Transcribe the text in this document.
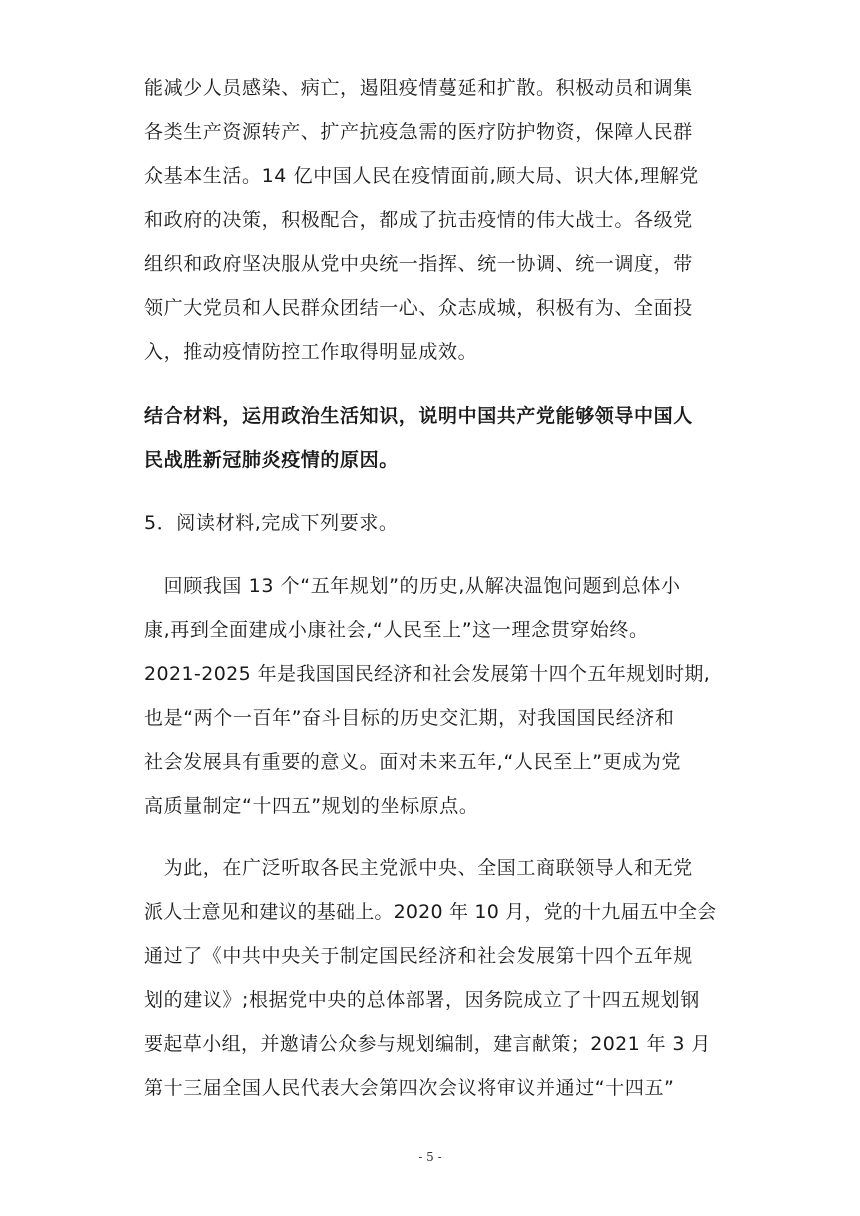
能减少人员感染、病亡，遏阻疫情蔓延和扩散。积极动员和调集
各类生产资源转产、扩产抗疫急需的医疗防护物资，保障人民群
众基本生活。14 亿中国人民在疫情面前,顾大局、识大体,理解党
和政府的决策，积极配合，都成了抗击疫情的伟大战士。各级党
组织和政府坚决服从党中央统一指挥、统一协调、统一调度，带
领广大党员和人民群众团结一心、众志成城，积极有为、全面投
入，推动疫情防控工作取得明显成效。
结合材料，运用政治生活知识，说明中国共产党能够领导中国人
民战胜新冠肺炎疫情的原因。
5．阅读材料,完成下列要求。
　回顾我国 13 个“五年规划”的历史,从解决温饱问题到总体小
康,再到全面建成小康社会,“人民至上”这一理念贯穿始终。
2021-2025 年是我国国民经济和社会发展第十四个五年规划时期,
也是“两个一百年”奋斗目标的历史交汇期，对我国国民经济和
社会发展具有重要的意义。面对未来五年,“人民至上”更成为党
高质量制定“十四五”规划的坐标原点。
　为此，在广泛听取各民主党派中央、全国工商联领导人和无党
派人士意见和建议的基础上。2020 年 10 月，党的十九届五中全会
通过了《中共中央关于制定国民经济和社会发展第十四个五年规
划的建议》;根据党中央的总体部署，因务院成立了十四五规划钢
要起草小组，并邀请公众参与规划编制，建言献策；2021 年 3 月
第十三届全国人民代表大会第四次会议将审议并通过“十四五”
- 5 -
